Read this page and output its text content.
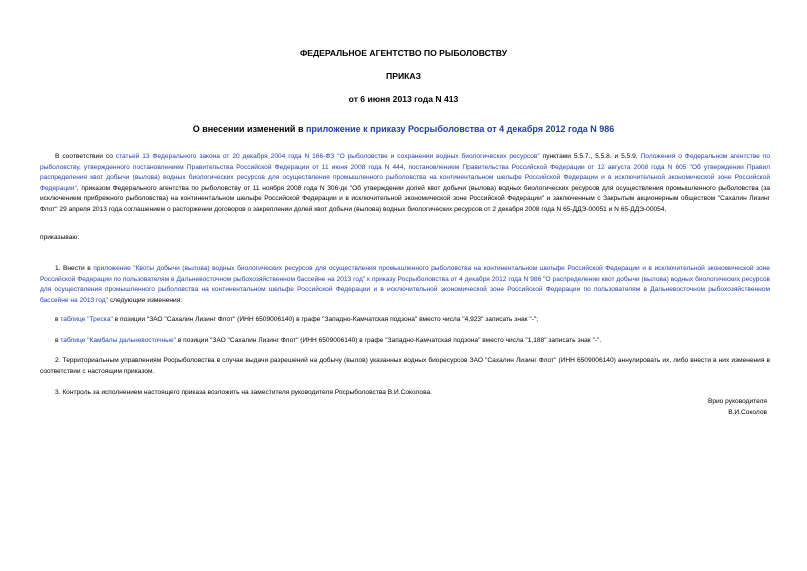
ФЕДЕРАЛЬНОЕ АГЕНТСТВО ПО РЫБОЛОВСТВУ
ПРИКАЗ
от 6 июня 2013 года N 413
О внесении изменений в приложение к приказу Росрыболовства от 4 декабря 2012 года N 986
В соответствии со статьей 13 Федерального закона от 20 декабря 2004 года N 166-ФЗ "О рыболовстве и сохранении водных биологических ресурсов" пунктами 5.5.7., 5.5.8. и 5.5.9. Положения о Федеральном агентстве по рыболовству, утвержденного постановлением Правительства Российской Федерации от 11 июня 2008 года N 444, постановлением Правительства Российской Федерации от 12 августа 2008 года N 605 "Об утверждении Правил распределения квот добычи (вылова) водных биологических ресурсов для осуществления промышленного рыболовства на континентальном шельфе Российской Федерации и в исключительной экономической зоне Российской Федерации", приказом Федерального агентства по рыболовству от 11 ноября 2008 года N 306-дк "Об утверждении долей квот добычи (вылова) водных биологических ресурсов для осуществления промышленного рыболовства (за исключением прибрежного рыболовства) на континентальном шельфе Российской Федерации и в исключительной экономической зоне Российской Федерации" и заключенным с Закрытым акционерным обществом "Сахалин Лизинг Флот" 29 апреля 2013 года соглашением о расторжении договоров о закреплении долей квот добычи (вылова) водных биологических ресурсов от 2 декабря 2008 года N 65-ДДЭ-00051 и N 65-ДДЭ-00054,
приказываю:
1. Внести в приложение "Квоты добычи (вылова) водных биологических ресурсов для осуществления промышленного рыболовства на континентальном шельфе Российской Федерации и в исключительной экономической зоне Российской Федерации по пользователям в Дальневосточном рыбохозяйственном бассейне на 2013 год" к приказу Росрыболовства от 4 декабря 2012 года N 986 "О распределении квот добычи (вылова) водных биологических ресурсов для осуществления промышленного рыболовства на континентальном шельфе Российской Федерации и в исключительной экономической зоне Российской Федерации по пользователям в Дальневосточном рыбохозяйственном бассейне на 2013 год" следующие изменения:
в таблице "Треска" в позиции "ЗАО "Сахалин Лизинг Флот" (ИНН 6509006140) в графе "Западно-Камчатская подзона" вместо числа "4,923" записать знак "-";
в таблице "Камбалы дальневосточные" в позиции "ЗАО "Сахалин Лизинг Флот" (ИНН 6509006140) в графе "Западно-Камчатская подзона" вместо числа "1,188" записать знак "-".
2. Территориальным управлениям Росрыболовства в случае выдачи разрешений на добычу (вылов) указанных водных биоресурсов ЗАО "Сахалин Лизинг Флот" (ИНН 6509006140) аннулировать их, либо внести в них изменения в соответствии с настоящим приказом.
3. Контроль за исполнением настоящего приказа возложить на заместителя руководителя Росрыболовства В.И.Соколова.
Врио руководителя
В.И.Соколов
